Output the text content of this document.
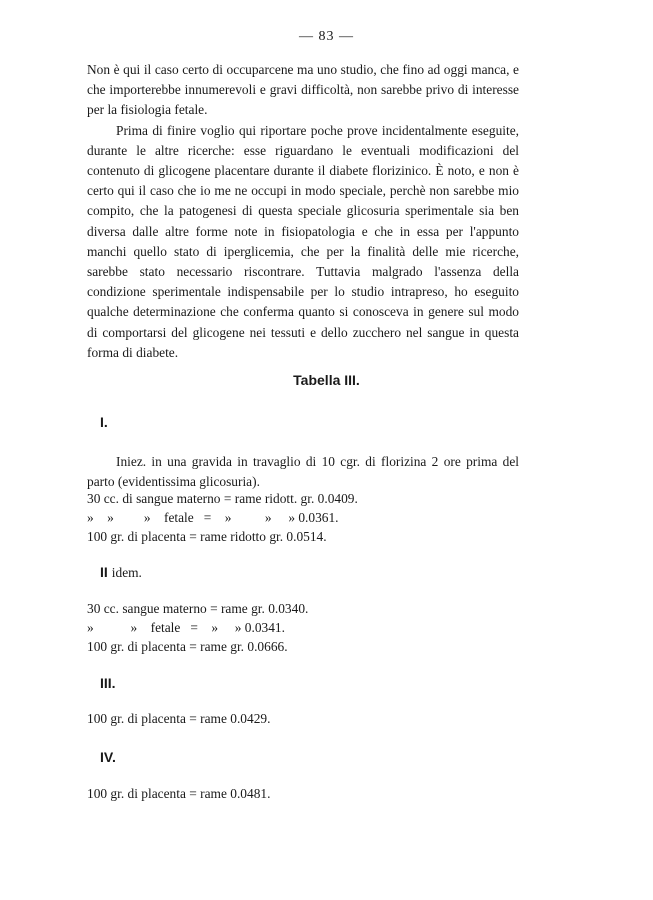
— 83 —

Non è qui il caso certo di occuparcene ma uno studio, che fino ad oggi manca, e che importerebbe innumerevoli e gravi difficoltà, non sarebbe privo di interesse per la fisiologia fetale.

Prima di finire voglio qui riportare poche prove incidentalmente eseguite, durante le altre ricerche: esse riguardano le eventuali modificazioni del contenuto di glicogene placentare durante il diabete florizinico. È noto, e non è certo qui il caso che io me ne occupi in modo speciale, perchè non sarebbe mio compito, che la patogenesi di questa speciale glicosuria sperimentale sia ben diversa dalle altre forme note in fisiopatologia e che in essa per l'appunto manchi quello stato di iperglicemia, che per la finalità delle mie ricerche, sarebbe stato necessario riscontrare. Tuttavia malgrado l'assenza della condizione sperimentale indispensabile per lo studio intrapreso, ho eseguito qualche determinazione che conferma quanto si conosceva in genere sul modo di comportarsi del glicogene nei tessuti e dello zucchero nel sangue in questa forma di diabete.

Tabella III.
I.

Iniez. in una gravida in travaglio di 10 cgr. di florizina 2 ore prima del parto (evidentissima glicosuria).

30 cc. di sangue materno = rame ridott. gr. 0.0409.
»    »         »    fetale   =    »          »     » 0.0361.
100 gr. di placenta = rame ridotto gr. 0.0514.
II idem.
30 cc. sangue materno = rame gr. 0.0340.
»           »    fetale   =    »     » 0.0341.
100 gr. di placenta = rame gr. 0.0666.
III.
100 gr. di placenta = rame 0.0429.
IV.
100 gr. di placenta = rame 0.0481.
